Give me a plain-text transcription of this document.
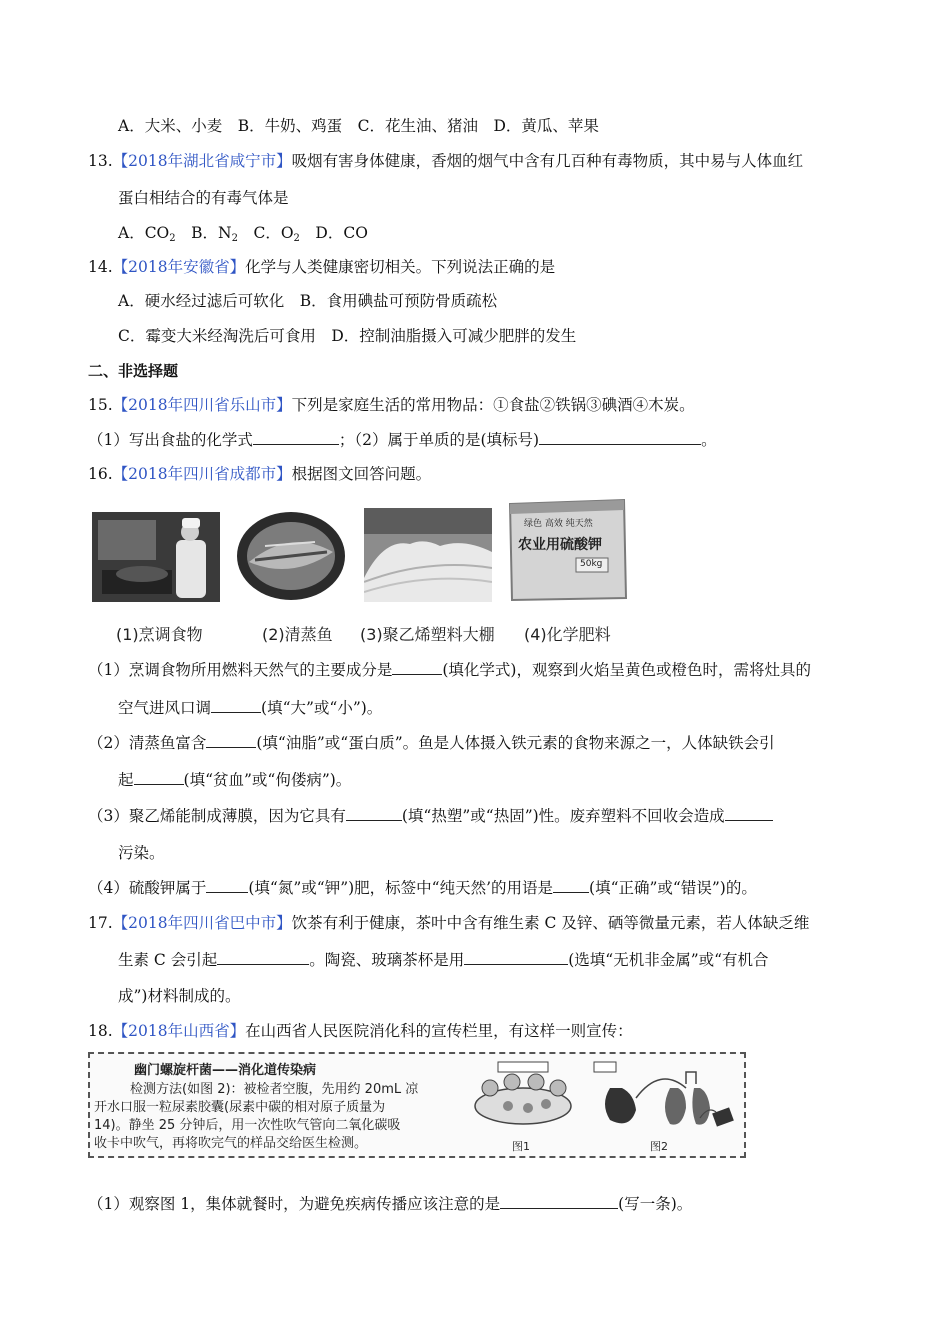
A．大米、小麦　B．牛奶、鸡蛋　C．花生油、猪油　D．黄瓜、苹果
13.【2018年湖北省咸宁市】吸烟有害身体健康，香烟的烟气中含有几百种有毒物质，其中易与人体血红
蛋白相结合的有毒气体是
A．$CO_2$　B．$N_2$　C．$O_2$　D．CO
14.【2018年安徽省】化学与人类健康密切相关。下列说法正确的是
A．硬水经过滤后可软化　B．食用碘盐可预防骨质疏松
C．霉变大米经淘洗后可食用　D．控制油脂摄入可减少肥胖的发生
二、非选择题
15.【2018年四川省乐山市】下列是家庭生活的常用物品：①食盐②铁锅③碘酒④木炭。
（1）写出食盐的化学式	；（2）属于单质的是(填标号)	。
16.【2018年四川省成都市】根据图文回答问题。
绿色 高效 纯天然
农业用硫酸钾
50kg
(1)烹调食物	(2)清蒸鱼 (3)聚乙烯塑料大棚 (4)化学肥料
（1）烹调食物所用燃料天然气的主要成分是	(填化学式)，观察到火焰呈黄色或橙色时，需将灶具的
空气进风口调	(填“大”或“小”)。
（2）清蒸鱼富含	(填“油脂”或“蛋白质”。鱼是人体摄入铁元素的食物来源之一，人体缺铁会引
起	(填“贫血”或“佝偻病”)。
（3）聚乙烯能制成薄膜，因为它具有	(填“热塑”或“热固”)性。废弃塑料不回收会造成
污染。
（4）硫酸钾属于	(填“氮”或“钾”)肥，标签中“纯天然’的用语是 (填“正确”或“错误”)的。
17.【2018年四川省巴中市】饮茶有利于健康，茶叶中含有维生素 C 及锌、硒等微量元素，若人体缺乏维
生素 C 会引起	。陶瓷、玻璃茶杯是用	(选填“无机非金属”或“有机合
成”)材料制成的。
18.【2018年山西省】在山西省人民医院消化科的宣传栏里，有这样一则宣传：
幽门螺旋杆菌——消化道传染病
检测方法(如图 2)：被检者空腹，先用约 20mL 凉
开水口服一粒尿素胶囊(尿素中碳的相对原子质量为
14)。静坐 25 分钟后，用一次性吹气管向二氧化碳吸
收卡中吹气，再将吹完气的样品交给医生检测。	图1	图2
（1）观察图 1，集体就餐时，为避免疾病传播应该注意的是	(写一条)。
